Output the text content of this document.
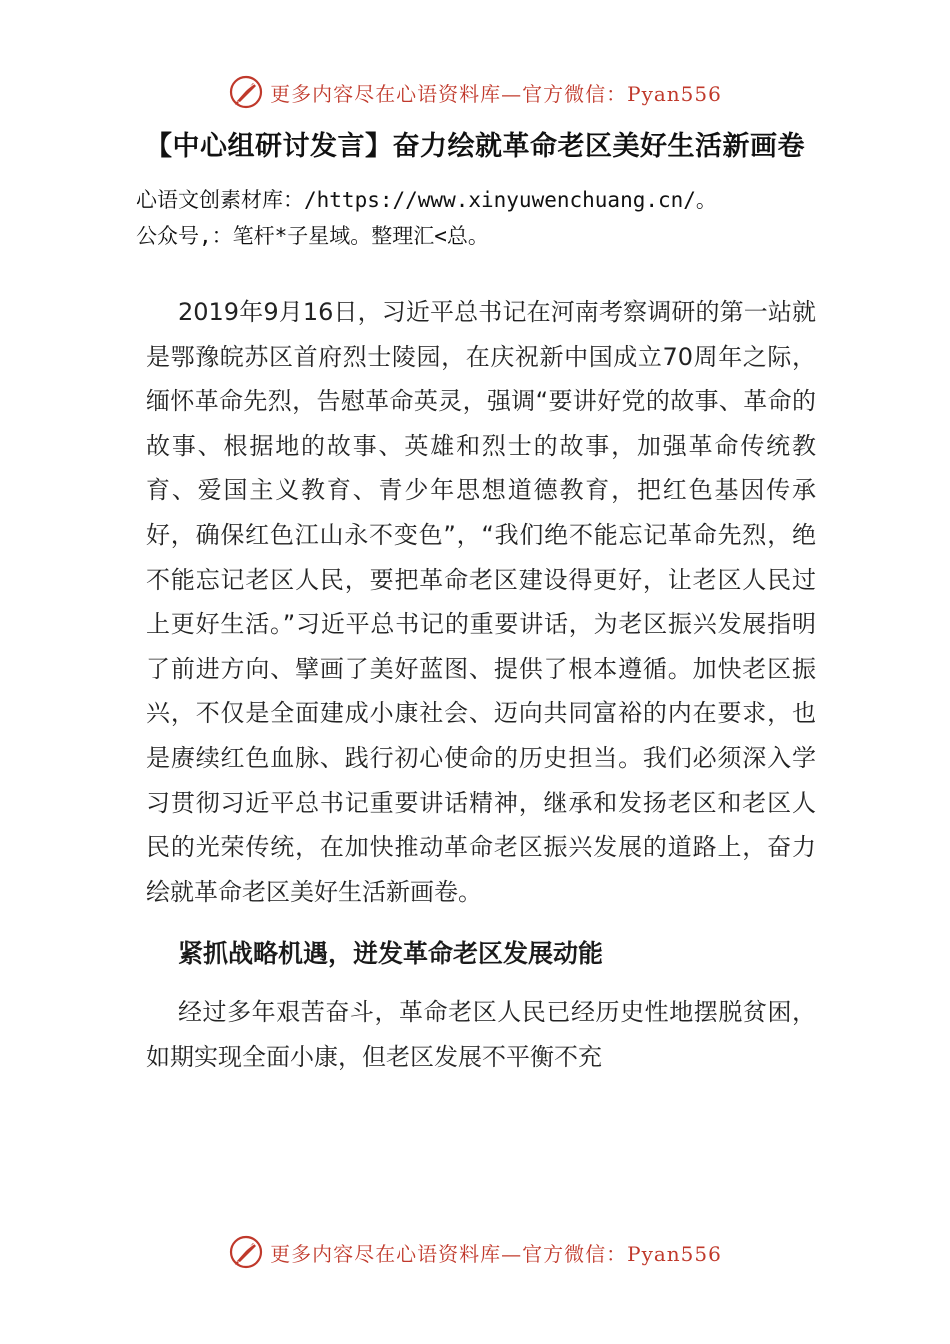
更多内容尽在心语资料库—官方微信：Pyan556
【中心组研讨发言】奋力绘就革命老区美好生活新画卷
心语文创素材库：/https://www.xinyuwenchuang.cn/。
公众号,：笔杆*子星域。整理汇<总。

2019年9月16日，习近平总书记在河南考察调研的第一站就是鄂豫皖苏区首府烈士陵园，在庆祝新中国成立70周年之际，缅怀革命先烈，告慰革命英灵，强调“要讲好党的故事、革命的故事、根据地的故事、英雄和烈士的故事，加强革命传统教育、爱国主义教育、青少年思想道德教育，把红色基因传承好，确保红色江山永不变色”，“我们绝不能忘记革命先烈，绝不能忘记老区人民，要把革命老区建设得更好，让老区人民过上更好生活。”习近平总书记的重要讲话，为老区振兴发展指明了前进方向、擘画了美好蓝图、提供了根本遵循。加快老区振兴，不仅是全面建成小康社会、迈向共同富裕的内在要求，也是赓续红色血脉、践行初心使命的历史担当。我们必须深入学习贯彻习近平总书记重要讲话精神，继承和发扬老区和老区人民的光荣传统，在加快推动革命老区振兴发展的道路上，奋力绘就革命老区美好生活新画卷。

紧抓战略机遇，迸发革命老区发展动能

经过多年艰苦奋斗，革命老区人民已经历史性地摆脱贫困，如期实现全面小康，但老区发展不平衡不充

更多内容尽在心语资料库—官方微信：Pyan556
